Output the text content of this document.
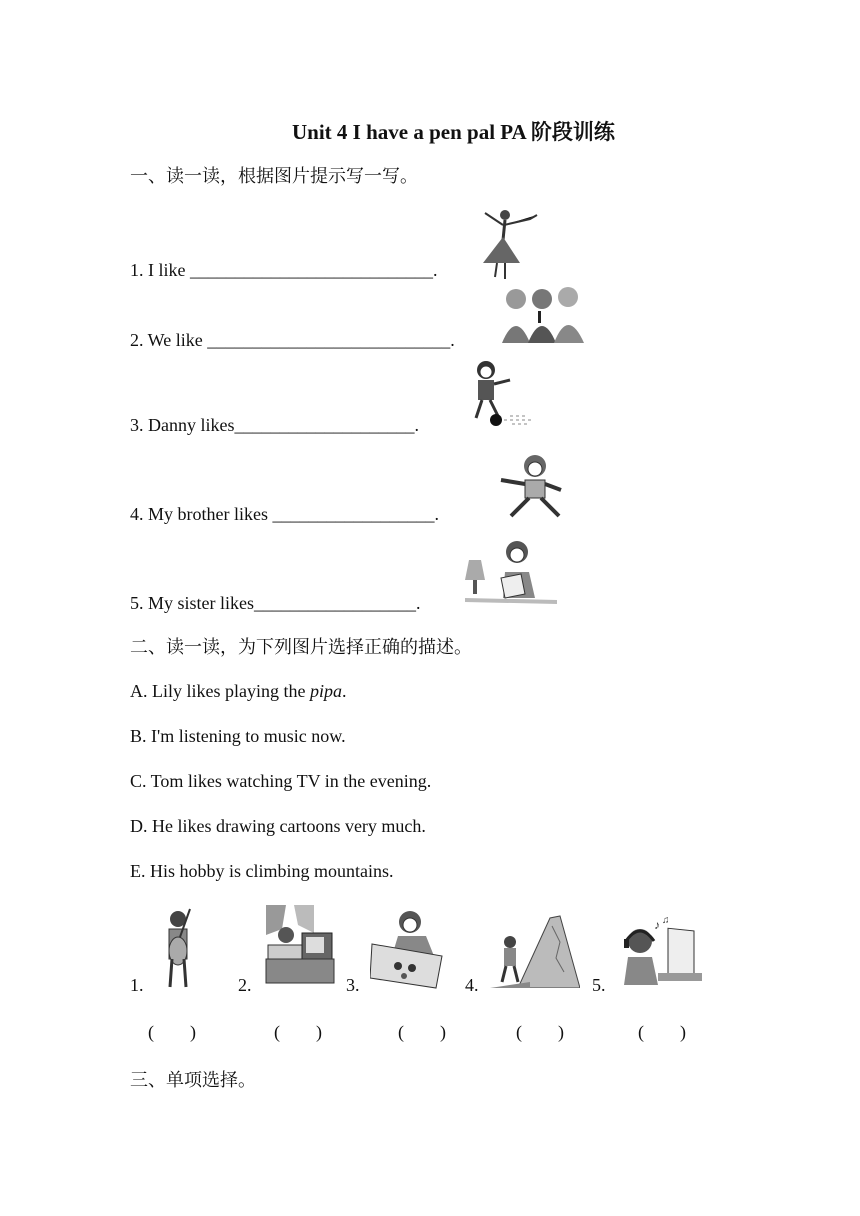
Unit 4 I have a pen pal PA 阶段训练
一、读一读，根据图片提示写一写。
1. I like ___________________________.
2. We like ___________________________.
3. Danny likes____________________.
4. My brother likes __________________.
5. My sister likes__________________.
二、读一读，为下列图片选择正确的描述。
A. Lily likes playing the pipa.
B. I'm listening to music now.
C. Tom likes watching TV in the evening.
D. He likes drawing cartoons very much.
E. His hobby is climbing mountains.
1.	2.	3.	4.	5.
♪ ♫
(　　)	(　　)	(　　)	(　　)	(　　)
三、单项选择。
